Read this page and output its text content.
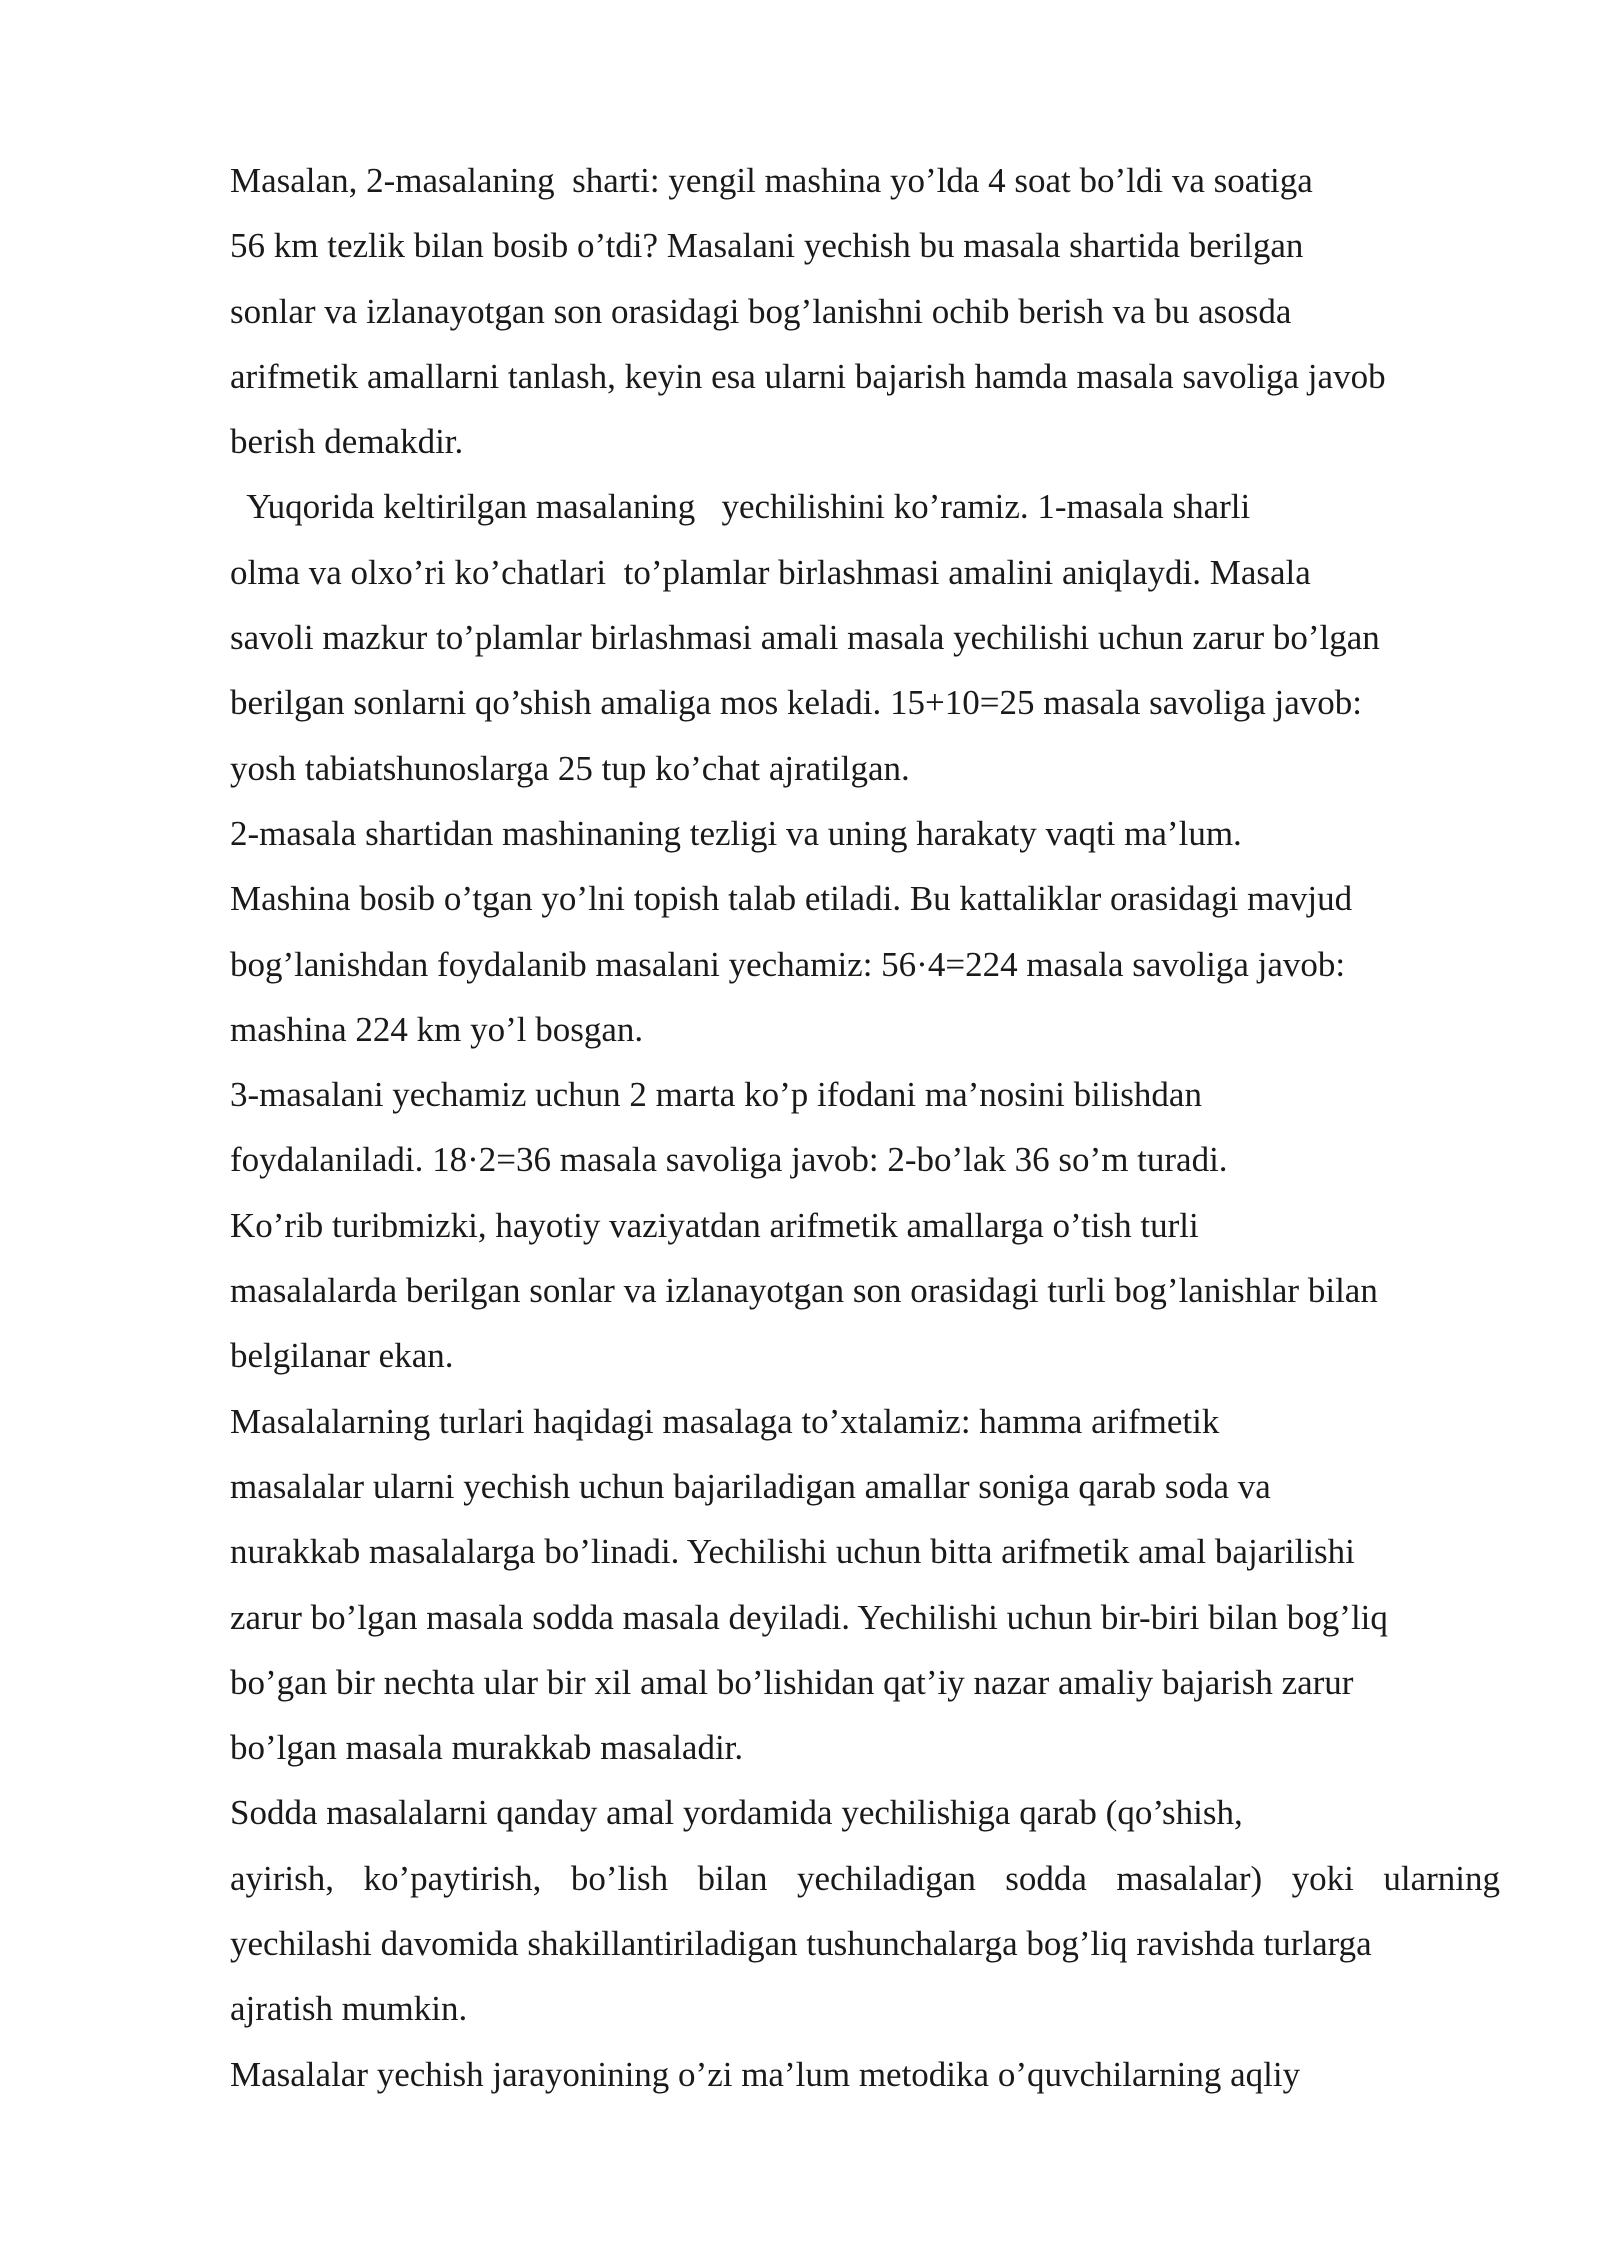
Masalan, 2-masalaning  sharti: yengil mashina yo’lda 4 soat bo’ldi va soatiga
56 km tezlik bilan bosib o’tdi? Masalani yechish bu masala shartida berilgan
sonlar va izlanayotgan son orasidagi bog’lanishni ochib berish va bu asosda
arifmetik amallarni tanlash, keyin esa ularni bajarish hamda masala savoliga javob
berish demakdir.
Yuqorida keltirilgan masalaning   yechilishini ko’ramiz. 1-masala sharli
olma va olxo’ri ko’chatlari  to’plamlar birlashmasi amalini aniqlaydi. Masala
savoli mazkur to’plamlar birlashmasi amali masala yechilishi uchun zarur bo’lgan
berilgan sonlarni qo’shish amaliga mos keladi. 15+10=25 masala savoliga javob:
yosh tabiatshunoslarga 25 tup ko’chat ajratilgan.
2-masala shartidan mashinaning tezligi va uning harakaty vaqti ma’lum.
Mashina bosib o’tgan yo’lni topish talab etiladi. Bu kattaliklar orasidagi mavjud
bog’lanishdan foydalanib masalani yechamiz: 56·4=224 masala savoliga javob:
mashina 224 km yo’l bosgan.
3-masalani yechamiz uchun 2 marta ko’p ifodani ma’nosini bilishdan
foydalaniladi. 18·2=36 masala savoliga javob: 2-bo’lak 36 so’m turadi.
Ko’rib turibmizki, hayotiy vaziyatdan arifmetik amallarga o’tish turli
masalalarda berilgan sonlar va izlanayotgan son orasidagi turli bog’lanishlar bilan
belgilanar ekan.
Masalalarning turlari haqidagi masalaga to’xtalamiz: hamma arifmetik
masalalar ularni yechish uchun bajariladigan amallar soniga qarab soda va
nurakkab masalalarga bo’linadi. Yechilishi uchun bitta arifmetik amal bajarilishi
zarur bo’lgan masala sodda masala deyiladi. Yechilishi uchun bir-biri bilan bog’liq
bo’gan bir nechta ular bir xil amal bo’lishidan qat’iy nazar amaliy bajarish zarur
bo’lgan masala murakkab masaladir.
Sodda masalalarni qanday amal yordamida yechilishiga qarab (qo’shish,
ayirish, ko’paytirish, bo’lish bilan yechiladigan sodda masalalar) yoki ularning
yechilashi davomida shakillantiriladigan tushunchalarga bog’liq ravishda turlarga
ajratish mumkin.
Masalalar yechish jarayonining o’zi ma’lum metodika o’quvchilarning aqliy
